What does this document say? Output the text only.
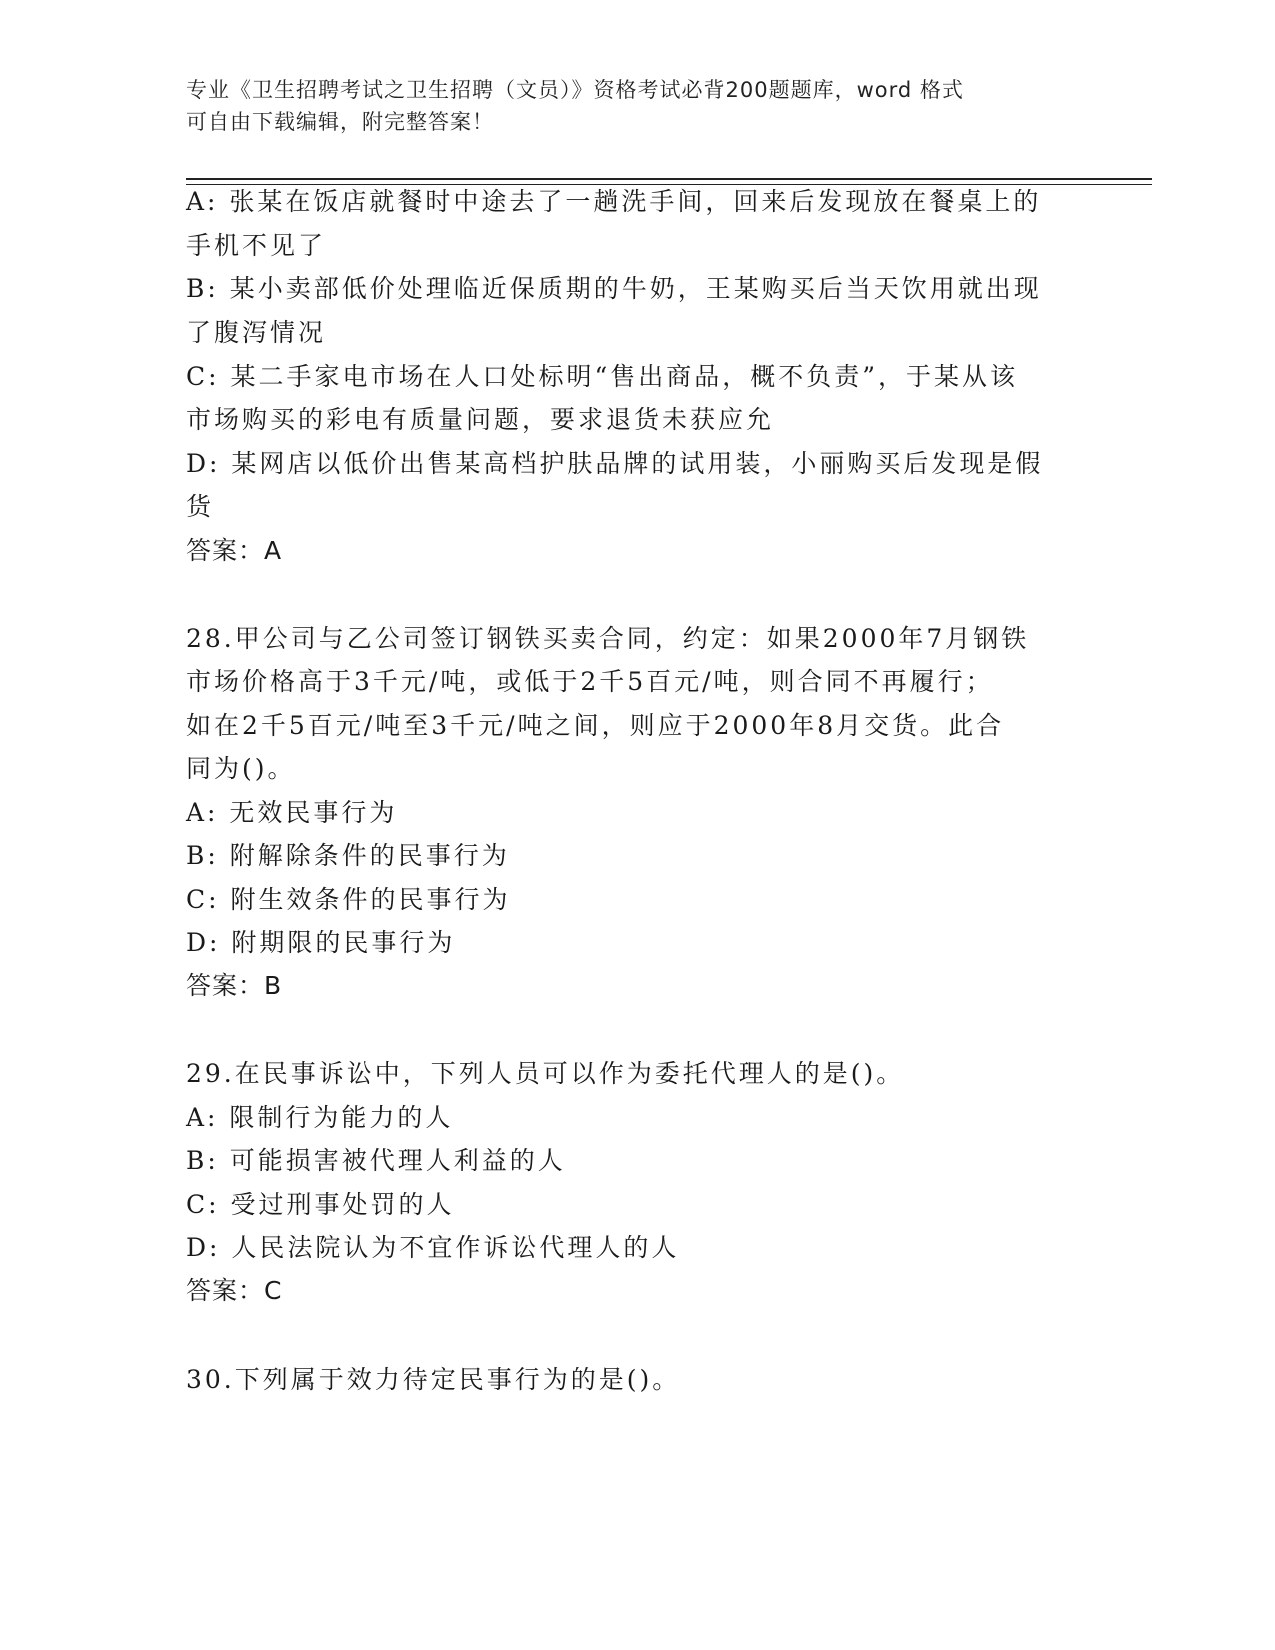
专业《卫生招聘考试之卫生招聘（文员）》资格考试必背200题题库，word 格式
可自由下载编辑，附完整答案！
A: 张某在饭店就餐时中途去了一趟洗手间，回来后发现放在餐桌上的
手机不见了
B: 某小卖部低价处理临近保质期的牛奶，王某购买后当天饮用就出现
了腹泻情况
C: 某二手家电市场在人口处标明“售出商品，概不负责”，于某从该
市场购买的彩电有质量问题，要求退货未获应允
D: 某网店以低价出售某高档护肤品牌的试用装，小丽购买后发现是假
货
答案：A
28.甲公司与乙公司签订钢铁买卖合同，约定：如果2000年7月钢铁
市场价格高于3千元/吨，或低于2千5百元/吨，则合同不再履行；
如在2千5百元/吨至3千元/吨之间，则应于2000年8月交货。此合
同为()。
A: 无效民事行为
B: 附解除条件的民事行为
C: 附生效条件的民事行为
D: 附期限的民事行为
答案：B
29.在民事诉讼中，下列人员可以作为委托代理人的是()。
A: 限制行为能力的人
B: 可能损害被代理人利益的人
C: 受过刑事处罚的人
D: 人民法院认为不宜作诉讼代理人的人
答案：C
30.下列属于效力待定民事行为的是()。
